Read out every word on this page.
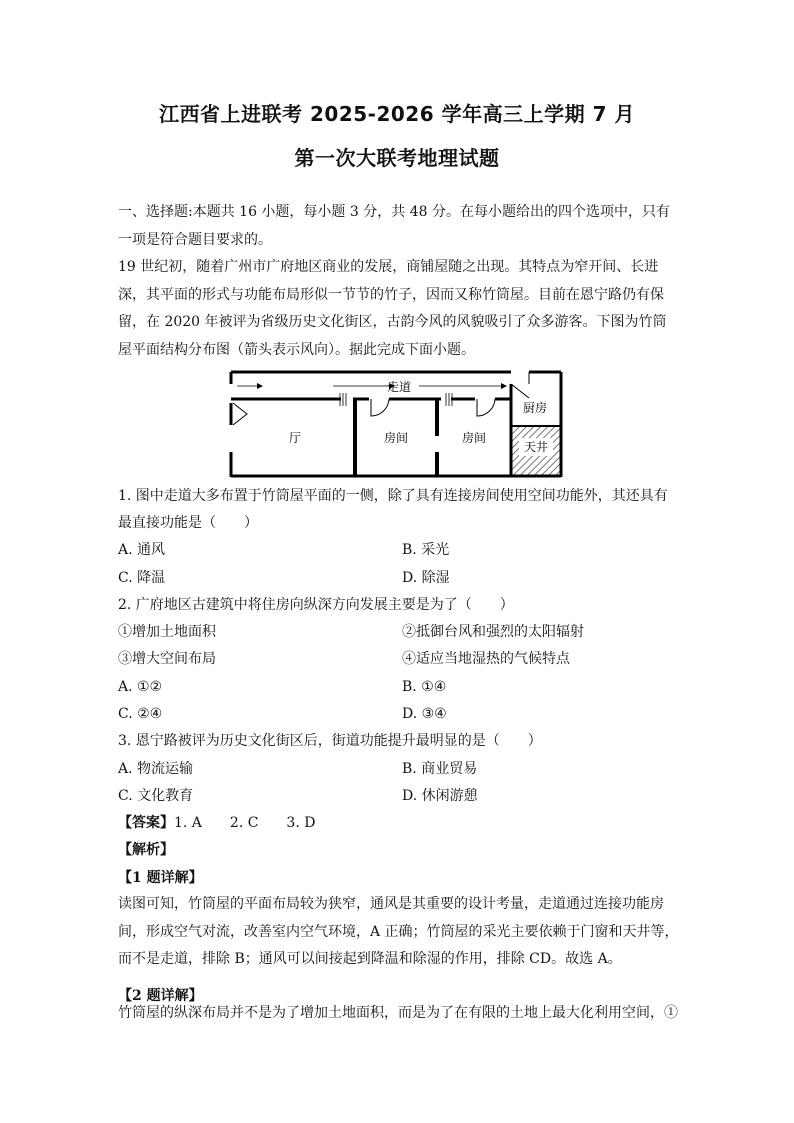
江西省上进联考 2025-2026 学年高三上学期 7 月
第一次大联考地理试题

一、选择题:本题共 16 小题，每小题 3 分，共 48 分。在每小题给出的四个选项中，只有一项是符合题目要求的。

19 世纪初，随着广州市广府地区商业的发展，商铺屋随之出现。其特点为窄开间、长进深，其平面的形式与功能布局形似一节节的竹子，因而又称竹筒屋。目前在恩宁路仍有保留，在 2020 年被评为省级历史文化街区，古韵今风的风貌吸引了众多游客。下图为竹筒屋平面结构分布图（箭头表示风向）。据此完成下面小题。

走道
厅	房间	房间
厨房
天井
1. 图中走道大多布置于竹筒屋平面的一侧，除了具有连接房间使用空间功能外，其还具有
最直接功能是（　　）
A. 通风	B. 采光
C. 降温	D. 除湿
2. 广府地区古建筑中将住房向纵深方向发展主要是为了（　　）
①增加土地面积	②抵御台风和强烈的太阳辐射
③增大空间布局	④适应当地湿热的气候特点
A. ①②	B. ①④
C. ②④	D. ③④
3. 恩宁路被评为历史文化街区后，街道功能提升最明显的是（　　）
A. 物流运输	B. 商业贸易
C. 文化教育	D. 休闲游憩
【答案】1. A　　2. C　　3. D
【解析】
【1 题详解】

读图可知，竹筒屋的平面布局较为狭窄，通风是其重要的设计考量，走道通过连接功能房间，形成空气对流，改善室内空气环境，A 正确；竹筒屋的采光主要依赖于门窗和天井等，而不是走道，排除 B；通风可以间接起到降温和除湿的作用，排除 CD。故选 A。

【2 题详解】

竹筒屋的纵深布局并不是为了增加土地面积，而是为了在有限的土地上最大化利用空间，①
